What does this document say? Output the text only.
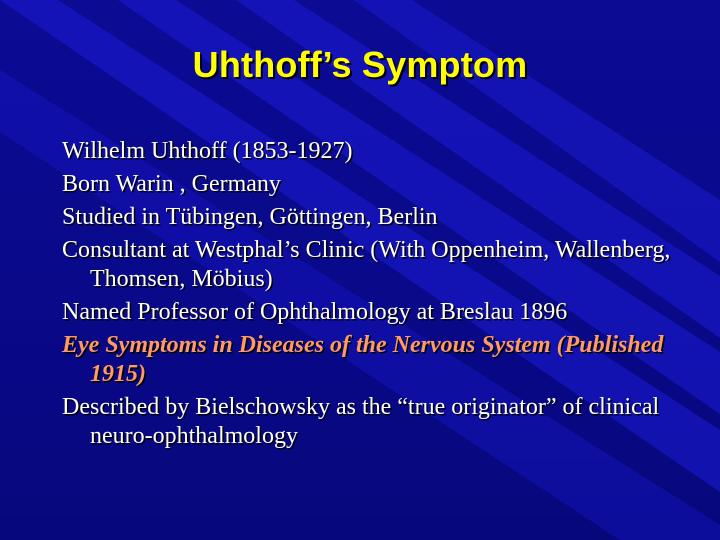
Uhthoff’s Symptom
Wilhelm Uhthoff (1853-1927)
Born Warin , Germany
Studied in Tübingen, Göttingen, Berlin
Consultant at Westphal’s Clinic (With Oppenheim, Wallenberg, Thomsen, Möbius)
Named Professor of Ophthalmology at Breslau 1896
Eye Symptoms in Diseases of the Nervous System (Published 1915)
Described by Bielschowsky as the “true originator” of clinical neuro-ophthalmology
